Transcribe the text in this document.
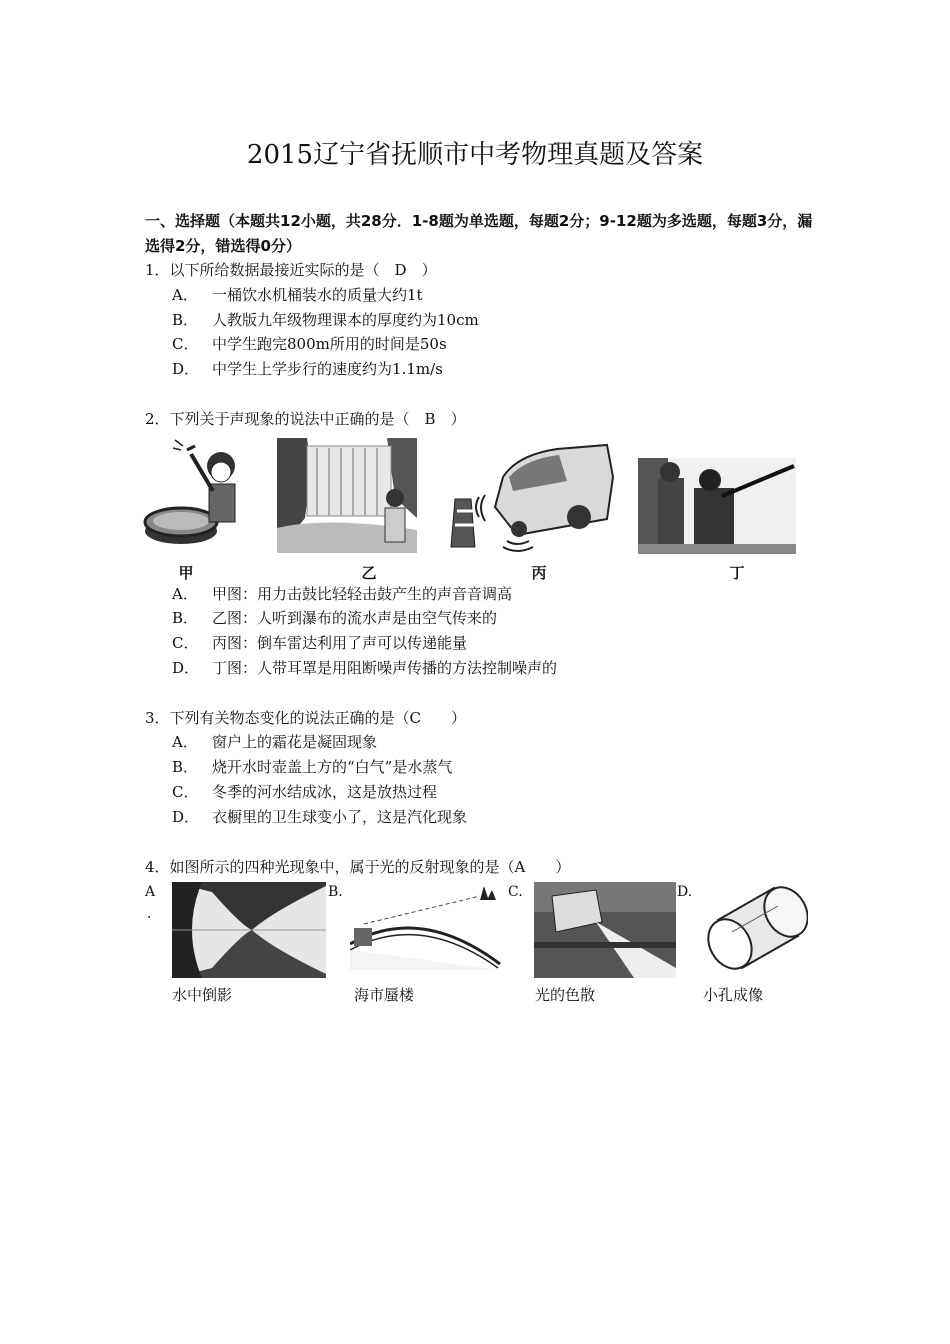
2015辽宁省抚顺市中考物理真题及答案
一、选择题（本题共12小题，共28分．1-8题为单选题，每题2分；9-12题为多选题，每题3分，漏选得2分，错选得0分）
1．以下所给数据最接近实际的是（　D　）
A． 一桶饮水机桶装水的质量大约1t
B． 人教版九年级物理课本的厚度约为10cm
C． 中学生跑完800m所用的时间是50s
D． 中学生上学步行的速度约为1.1m/s
2．下列关于声现象的说法中正确的是（　B　）
甲	乙	丙	丁
A． 甲图：用力击鼓比轻轻击鼓产生的声音音调高
B． 乙图：人听到瀑布的流水声是由空气传来的
C． 丙图：倒车雷达利用了声可以传递能量
D． 丁图：人带耳罩是用阻断噪声传播的方法控制噪声的
3．下列有关物态变化的说法正确的是（C　　）
A． 窗户上的霜花是凝固现象
B． 烧开水时壶盖上方的“白气”是水蒸气
C． 冬季的河水结成冰，这是放热过程
D． 衣橱里的卫生球变小了，这是汽化现象
4．如图所示的四种光现象中，属于光的反射现象的是（A　　）
A
.
B.	C.	D.
水中倒影	海市蜃楼	光的色散	小孔成像
